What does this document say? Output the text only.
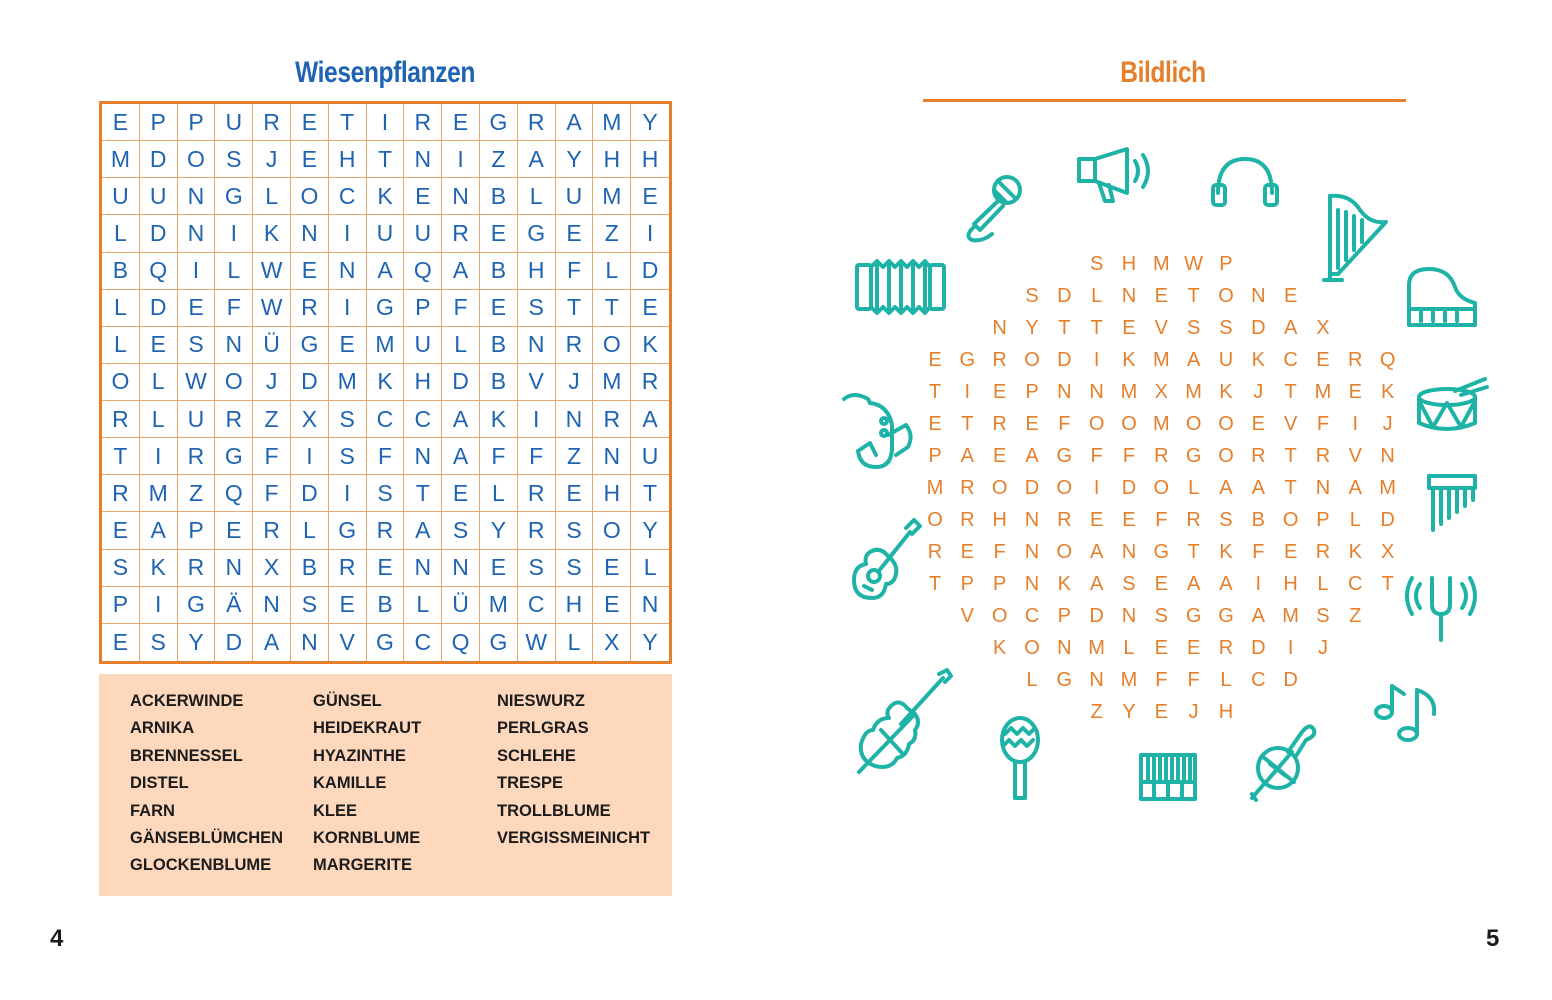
Wiesenpflanzen
E P P U R E	T	I	R E G R A M Y
M D O S	J	E H T N	I	Z	A Y H H
U U N G L O C K E N B	L	U M E
L	D N	I	K N	I	U U R E G E	Z	I
B Q	I	L W E N A Q A B H F	L	D
L	D E	F W R	I	G P	F	E S	T	T	E
L	E S N Ü G E M U	L	B N R O K
O L W O	J	D M K H D B V	J M R
R	L	U R Z	X S C C A K	I	N R A
T	I	R G F	I	S	F N A	F	F	Z N U
R M Z Q F D	I	S	T	E	L	R E H T
E A P E R	L G R A S Y R S O Y
S K R N X B R E N N E S S E	L
P	I	G Ä N S E B	L	Ü M C H E N
E S Y D A N V G C Q G W L	X Y
ACKERWINDE
ARNIKA
BRENNESSEL
DISTEL
FARN
GÄNSEBLÜMCHEN
GLOCKENBLUME
GÜNSEL
HEIDEKRAUT
HYAZINTHE
KAMILLE
KLEE
KORNBLUME
MARGERITE
NIESWURZ
PERLGRAS
SCHLEHE
TRESPE
TROLLBLUME
VERGISSMEINICHT
4
Bildlich
S H M W P
S D L N E T O N E
N Y T	T E V S S D A X
E G R O D	I	K M A U K C E R Q
T	I	E P N N M X M K	J	T M E K
E T R E F O O M O O E V F	I	J
P A E A G F	F R G O R T R V N
M R O D O	I	D O L	A A T N A M
O R H N R E E F R S B O P	L D
R E F N O A N G T K F E R K X
T P P N K A S E A A	I	H L C T
V O C P D N S G G A M S Z
K O N M L	E E R D	I	J
L G N M F	F	L C D
Z Y E	J	H
5
